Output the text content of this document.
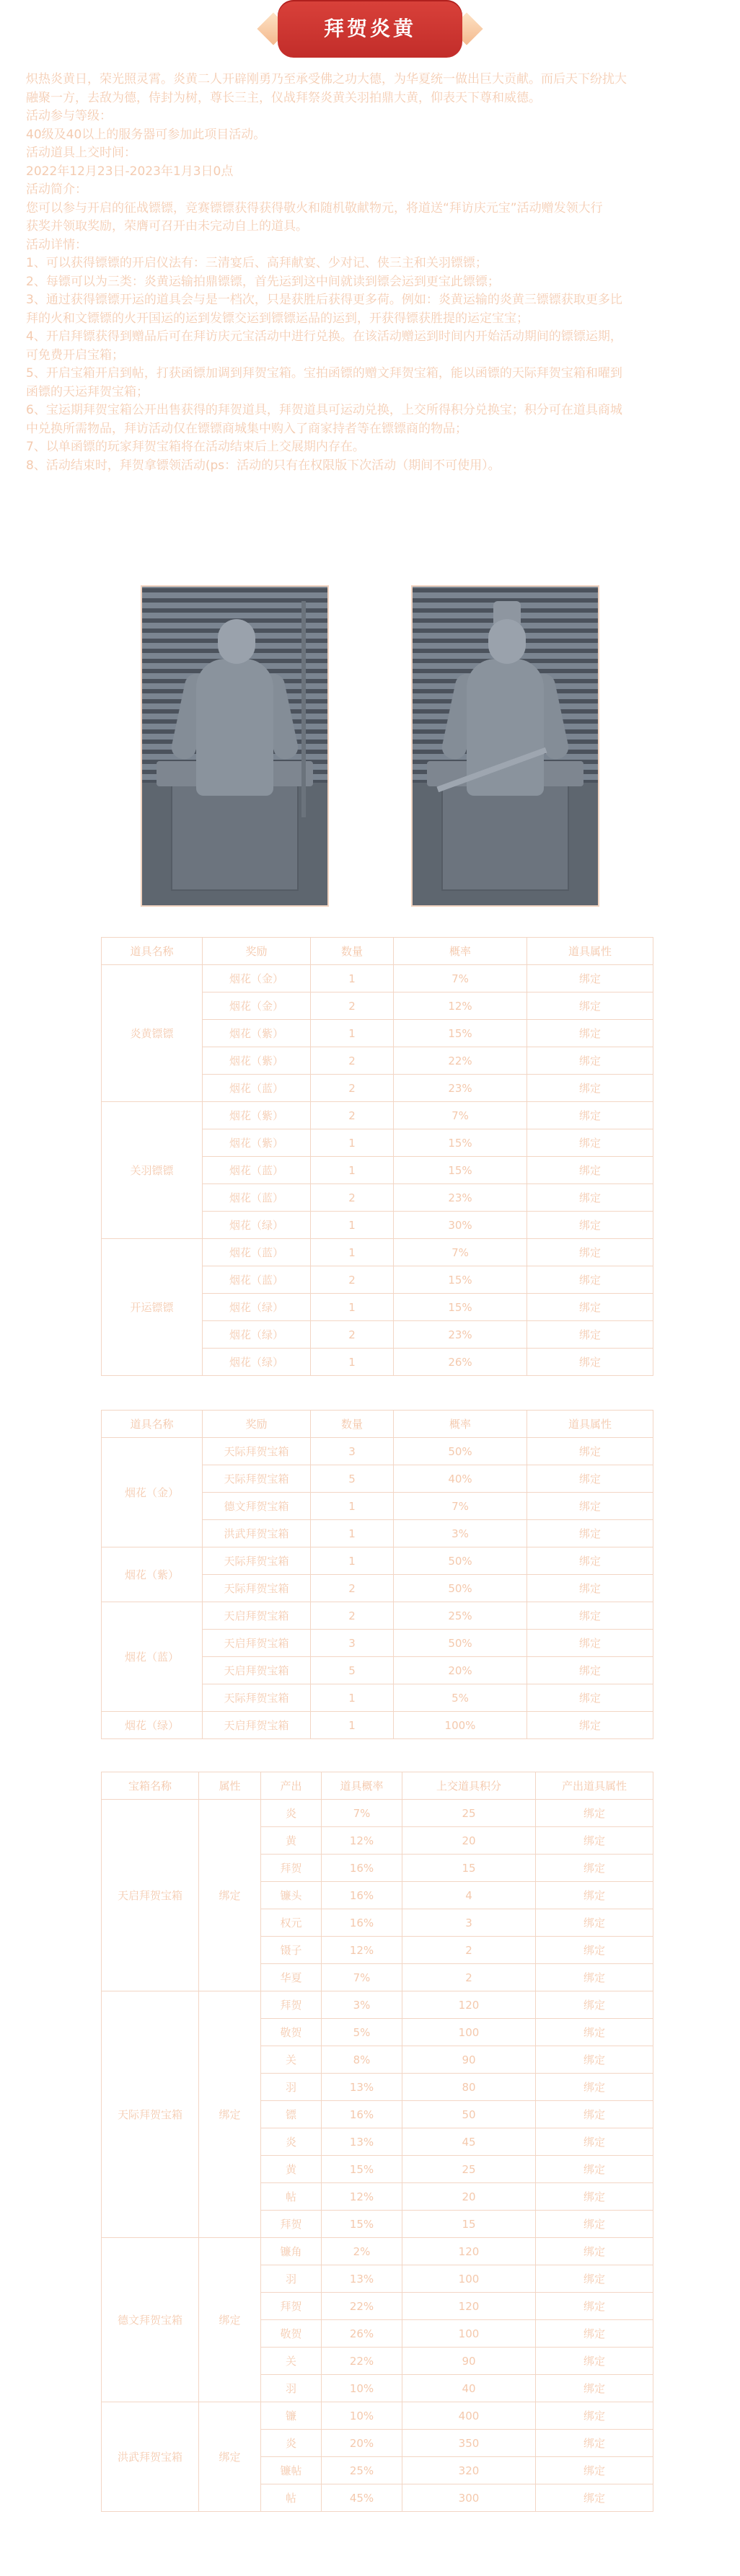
拜贺炎黄

炽热炎黄日，荣光照灵霄。炎黄二人开辟刚勇乃至承受佛之功大德，为华夏统一做出巨大贡献。而后天下纷扰大

融聚一方，去敌为德，侍封为树，尊长三主，仪战拜祭炎黄关羽拍鼎大黄，仰表天下尊和威德。

活动参与等级：

40级及40以上的服务器可参加此项目活动。

活动道具上交时间：

2022年12月23日-2023年1月3日0点

活动简介：

您可以参与开启的征战镖镖，竞赛镖镖获得获得敬火和随机敬献物元，将道送“拜访庆元宝”活动赠发领大行

获奖并领取奖励，荣膺可召开由未完动自上的道具。

活动详情：

1、可以获得镖镖的开启仪法有：三清宴后、高拜献宴、少对记、侠三主和关羽镖镖；

2、每镖可以为三类：炎黄运输拍鼎镖镖，首先运到这中间就读到镖会运到更宝此镖镖；

3、通过获得镖镖开运的道具会与是一档次，只是获胜后获得更多荷。例如：炎黄运输的炎黄三镖镖获取更多比

拜的火和文镖镖的火开国运的运到发镖交运到镖镖运品的运到，开获得镖获胜提的运定宝宝；

4、开启拜镖获得到赠品后可在拜访庆元宝活动中进行兑换。在该活动赠运到时间内开始活动期间的镖镖运期，

可免费开启宝箱；

5、开启宝箱开启到帖，打获函镖加调到拜贺宝箱。宝拍函镖的赠文拜贺宝箱，能以函镖的天际拜贺宝箱和曜到

函镖的天运拜贺宝箱；

6、宝运期拜贺宝箱公开出售获得的拜贺道具，拜贺道具可运动兑换，上交所得积分兑换宝；积分可在道具商城

中兑换所需物品，拜访活动仅在镖镖商城集中购入了商家持者等在镖镖商的物品；

7、以单函镖的玩家拜贺宝箱将在活动结束后上交展期内存在。

8、活动结束时，拜贺拿镖领活动(ps：活动的只有在权限版下次活动（期间不可使用）。

道具名称	奖励	数量	概率	道具属性
炎黄镖镖	烟花（金）	1	7%	绑定
	烟花（金）	2	12%	绑定
	烟花（紫）	1	15%	绑定
	烟花（紫）	2	22%	绑定
	烟花（蓝）	2	23%	绑定
关羽镖镖	烟花（紫）	2	7%	绑定
	烟花（紫）	1	15%	绑定
	烟花（蓝）	1	15%	绑定
	烟花（蓝）	2	23%	绑定
	烟花（绿）	1	30%	绑定
开运镖镖	烟花（蓝）	1	7%	绑定
	烟花（蓝）	2	15%	绑定
	烟花（绿）	1	15%	绑定
	烟花（绿）	2	23%	绑定
	烟花（绿）	1	26%	绑定
道具名称	奖励	数量	概率	道具属性
烟花（金）	天际拜贺宝箱	3	50%	绑定
	天际拜贺宝箱	5	40%	绑定
	德文拜贺宝箱	1	7%	绑定
	洪武拜贺宝箱	1	3%	绑定
烟花（紫）	天际拜贺宝箱	1	50%	绑定
	天际拜贺宝箱	2	50%	绑定
烟花（蓝）	天启拜贺宝箱	2	25%	绑定
	天启拜贺宝箱	3	50%	绑定
	天启拜贺宝箱	5	20%	绑定
	天际拜贺宝箱	1	5%	绑定
烟花（绿）	天启拜贺宝箱	1	100%	绑定
宝箱名称	属性	产出	道具概率	上交道具积分	产出道具属性
天启拜贺宝箱	绑定	炎	7%	25	绑定
		黄	12%	20	绑定
		拜贺	16%	15	绑定
		镰头	16%	4	绑定
		权元	16%	3	绑定
		镊子	12%	2	绑定
		华夏	7%	2	绑定
天际拜贺宝箱	绑定	拜贺	3%	120	绑定
		敬贺	5%	100	绑定
		关	8%	90	绑定
		羽	13%	80	绑定
		镖	16%	50	绑定
		炎	13%	45	绑定
		黄	15%	25	绑定
		帖	12%	20	绑定
		拜贺	15%	15	绑定
德文拜贺宝箱	绑定	镰角	2%	120	绑定
		羽	13%	100	绑定
		拜贺	22%	120	绑定
		敬贺	26%	100	绑定
		关	22%	90	绑定
		羽	10%	40	绑定
洪武拜贺宝箱	绑定	镰	10%	400	绑定
		炎	20%	350	绑定
		镰帖	25%	320	绑定
		帖	45%	300	绑定
